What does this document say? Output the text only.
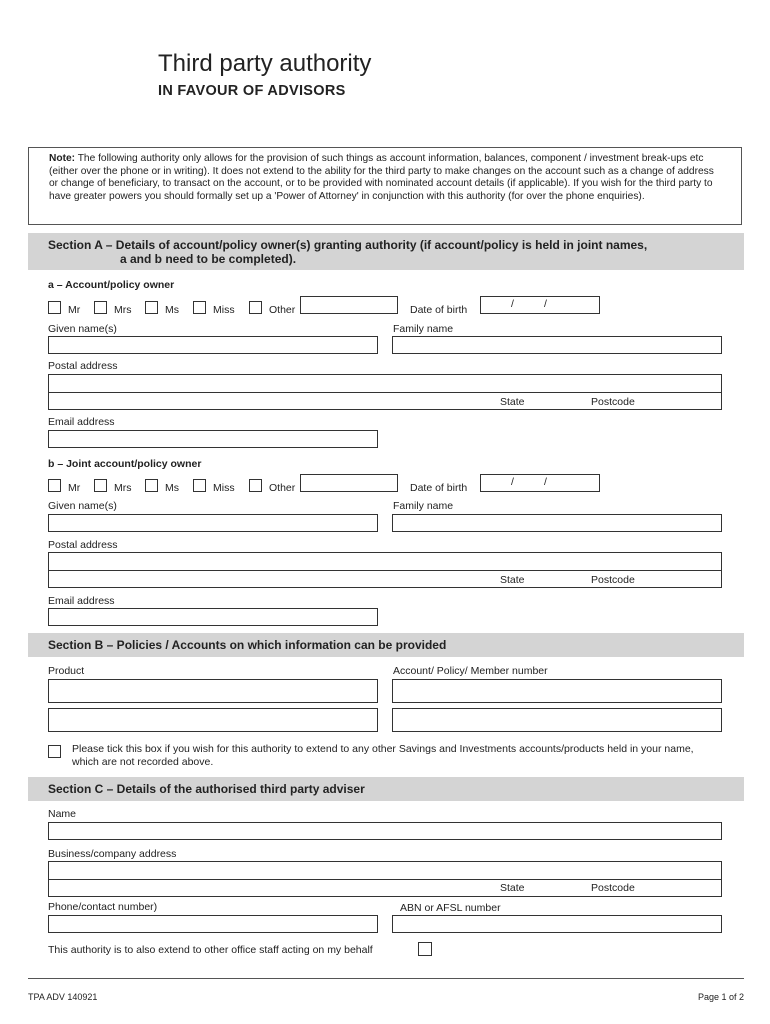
Third party authority
IN FAVOUR OF ADVISORS
Note: The following authority only allows for the provision of such things as account information, balances, component / investment break-ups etc (either over the phone or in writing). It does not extend to the ability for the third party to make changes on the account such as a change of address or change of beneficiary, to transact on the account, or to be provided with nominated account details (if applicable). If you wish for the third party to have greater powers you should formally set up a 'Power of Attorney' in conjunction with this authority (for over the phone enquiries).
Section A – Details of account/policy owner(s) granting authority (if account/policy is held in joint names,
a and b need to be completed).
a – Account/policy owner
Mr	Mrs	Ms	Miss	Other	Date of birth	/	/
Given name(s)	Family name
Postal address
State	Postcode
Email address
b – Joint account/policy owner
Mr	Mrs	Ms	Miss	Other	Date of birth	/	/
Given name(s)	Family name
Postal address
State	Postcode
Email address
Section B – Policies / Accounts on which information can be provided
Product	Account/ Policy/ Member number
Please tick this box if you wish for this authority to extend to any other Savings and Investments accounts/products held in your name, which are not recorded above.
Section C – Details of the authorised third party adviser
Name
Business/company address
State	Postcode
Phone/contact number)	ABN or AFSL number
This authority is to also extend to other office staff acting on my behalf
TPA ADV 140921	Page 1 of 2
